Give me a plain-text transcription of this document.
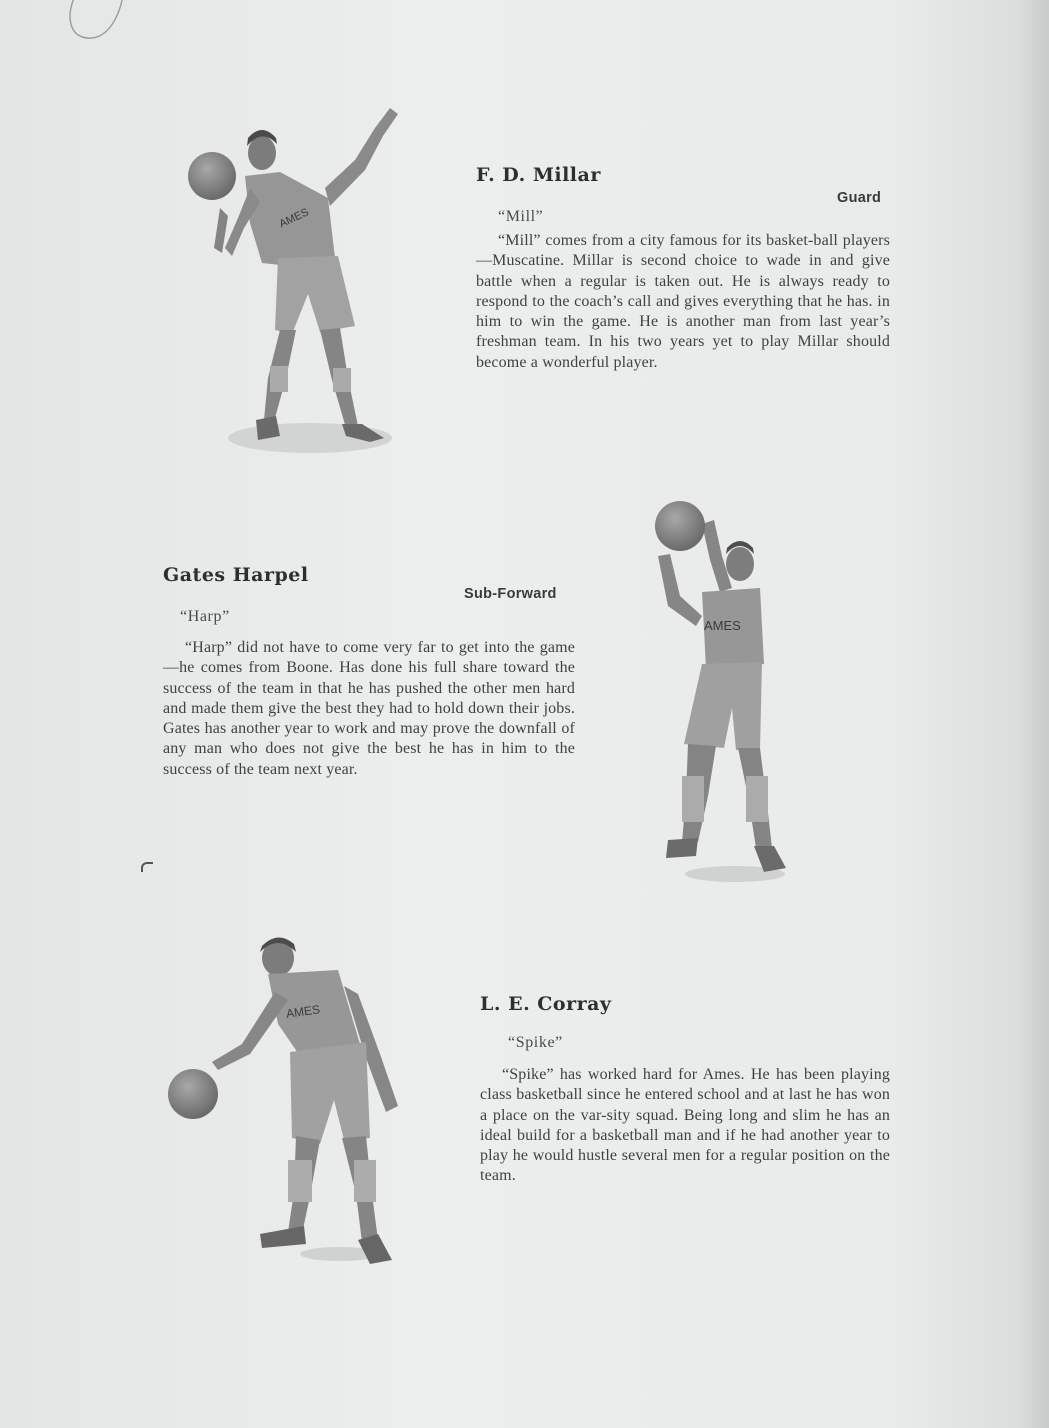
AMES
F. D. Millar

Guard

“Mill”

“Mill” comes from a city famous for its basket-ball players—Muscatine. Millar is second choice to wade in and give battle when a regular is taken out. He is always ready to respond to the coach’s call and gives everything that he has. in him to win the game. He is another man from last year’s freshman team. In his two years yet to play Millar should become a wonderful player.

Gates Harpel

Sub-Forward

“Harp”

“Harp” did not have to come very far to get into the game—he comes from Boone. Has done his full share toward the success of the team in that he has pushed the other men hard and made them give the best they had to hold down their jobs. Gates has another year to work and may prove the downfall of any man who does not give the best he has in him to the success of the team next year.

AMES
AMES	L. E. Corray

“Spike”

“Spike” has worked hard for Ames. He has been playing class basketball since he entered school and at last he has won a place on the var-sity squad. Being long and slim he has an ideal build for a basketball man and if he had another year to play he would hustle several men for a regular position on the team.
